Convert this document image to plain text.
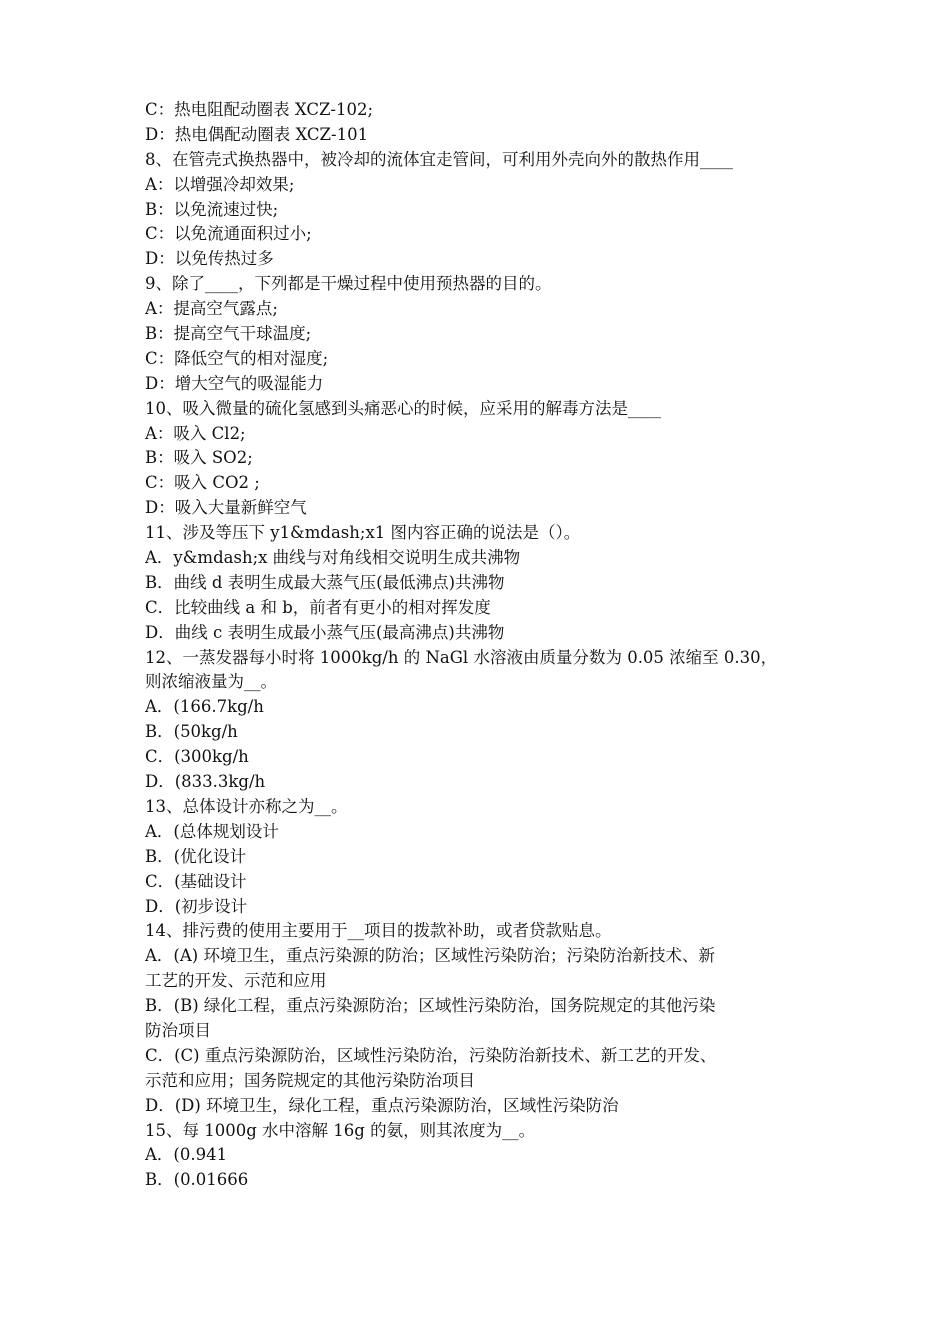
C：热电阻配动圈表 XCZ-102;
D：热电偶配动圈表 XCZ-101
8、在管壳式换热器中，被冷却的流体宜走管间，可利用外壳向外的散热作用____
A：以增强冷却效果;
B：以免流速过快;
C：以免流通面积过小;
D：以免传热过多
9、除了____，下列都是干燥过程中使用预热器的目的。
A：提高空气露点;
B：提高空气干球温度;
C：降低空气的相对湿度;
D：增大空气的吸湿能力
10、吸入微量的硫化氢感到头痛恶心的时候，应采用的解毒方法是____
A：吸入 Cl2;
B：吸入 SO2;
C：吸入 CO2 ;
D：吸入大量新鲜空气
11、涉及等压下 y1&mdash;x1 图内容正确的说法是（）。
A．y&mdash;x 曲线与对角线相交说明生成共沸物
B．曲线 d 表明生成最大蒸气压(最低沸点)共沸物
C．比较曲线 a 和 b，前者有更小的相对挥发度
D．曲线 c 表明生成最小蒸气压(最高沸点)共沸物
12、一蒸发器每小时将 1000kg/h 的 NaGl 水溶液由质量分数为 0.05 浓缩至 0.30，
则浓缩液量为__。
A．(166.7kg/h
B．(50kg/h
C．(300kg/h
D．(833.3kg/h
13、总体设计亦称之为__。
A．(总体规划设计
B．(优化设计
C．(基础设计
D．(初步设计
14、排污费的使用主要用于__项目的拨款补助，或者贷款贴息。
A．(A) 环境卫生，重点污染源的防治；区域性污染防治；污染防治新技术、新
工艺的开发、示范和应用
B．(B) 绿化工程，重点污染源防治；区域性污染防治，国务院规定的其他污染
防治项目
C．(C) 重点污染源防治，区域性污染防治，污染防治新技术、新工艺的开发、
示范和应用；国务院规定的其他污染防治项目
D．(D) 环境卫生，绿化工程，重点污染源防治，区域性污染防治
15、每 1000g 水中溶解 16g 的氨，则其浓度为__。
A．(0.941
B．(0.01666
